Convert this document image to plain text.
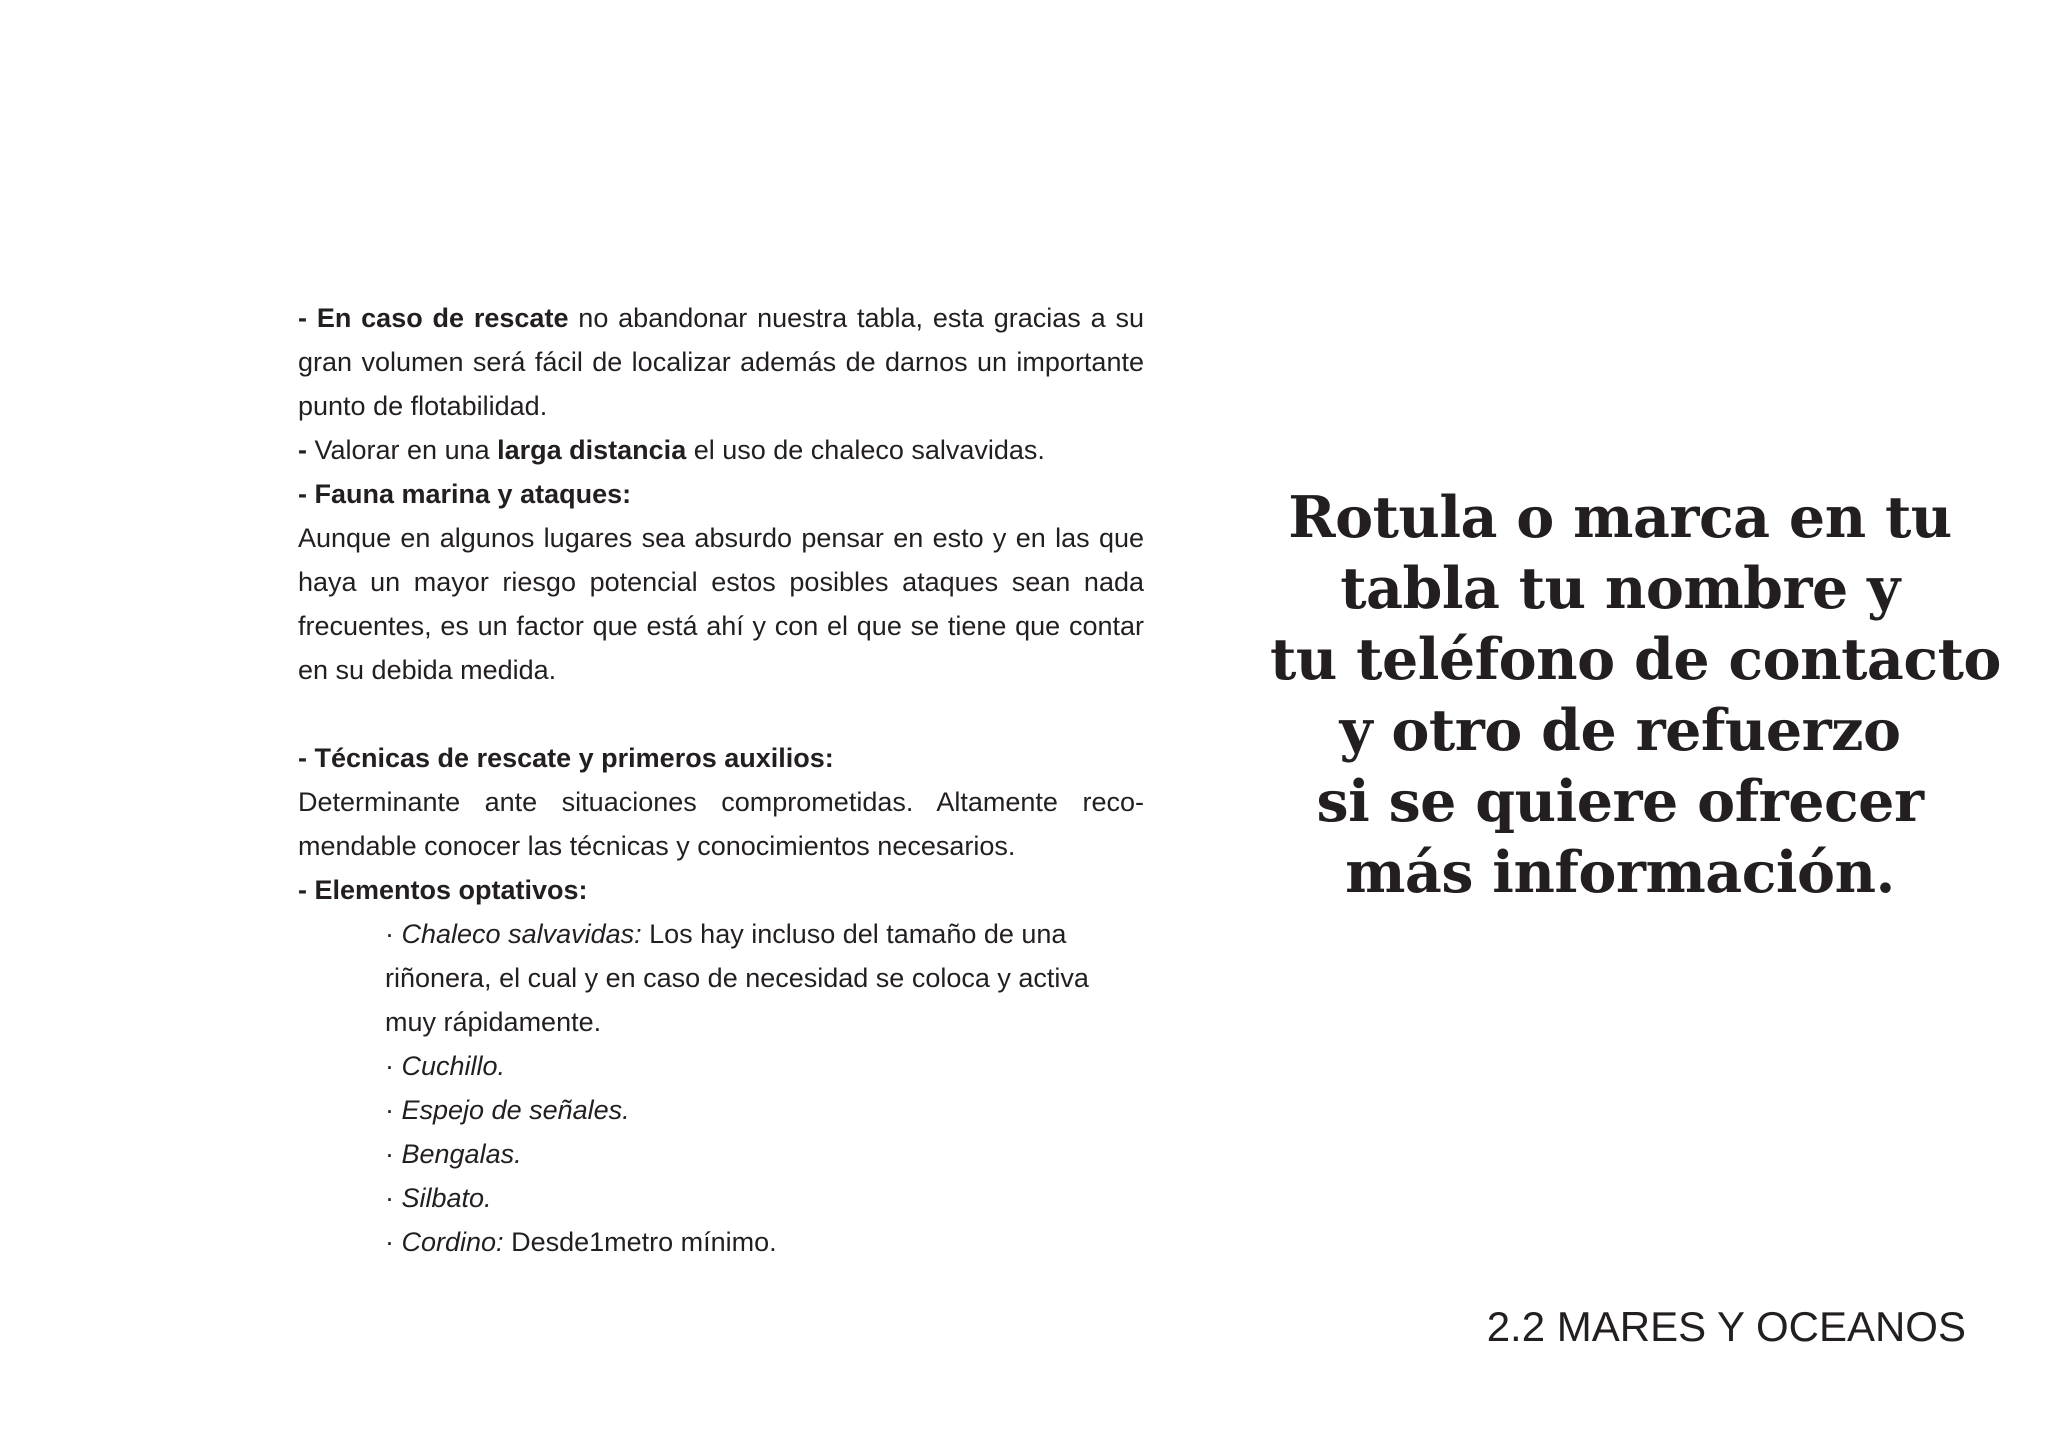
- En caso de rescate no abandonar nuestra tabla, esta gracias a su gran volumen será fácil de localizar además de darnos un importante punto de flotabilidad.

- Valorar en una larga distancia el uso de chaleco salvavidas.

- Fauna marina y ataques:

Aunque en algunos lugares sea absurdo pensar en esto y en las que haya un mayor riesgo potencial estos posibles ataques sean nada frecuentes, es un factor que está ahí y con el que se tiene que contar en su debida medida.

- Técnicas de rescate y primeros auxilios:

Determinante ante situaciones comprometidas. Altamente reco-mendable conocer las técnicas y conocimientos necesarios.

- Elementos optativos:

· Chaleco salvavidas: Los hay incluso del tamaño de una riñonera, el cual y en caso de necesidad se coloca y activa muy rápidamente.

· Cuchillo.

· Espejo de señales.

· Bengalas.

· Silbato.

· Cordino: Desde1metro mínimo.

Rotula o marca en tu
tabla tu nombre y
tu teléfono de contacto
y otro de refuerzo
si se quiere ofrecer
más información.
2.2 MARES Y OCEANOS
